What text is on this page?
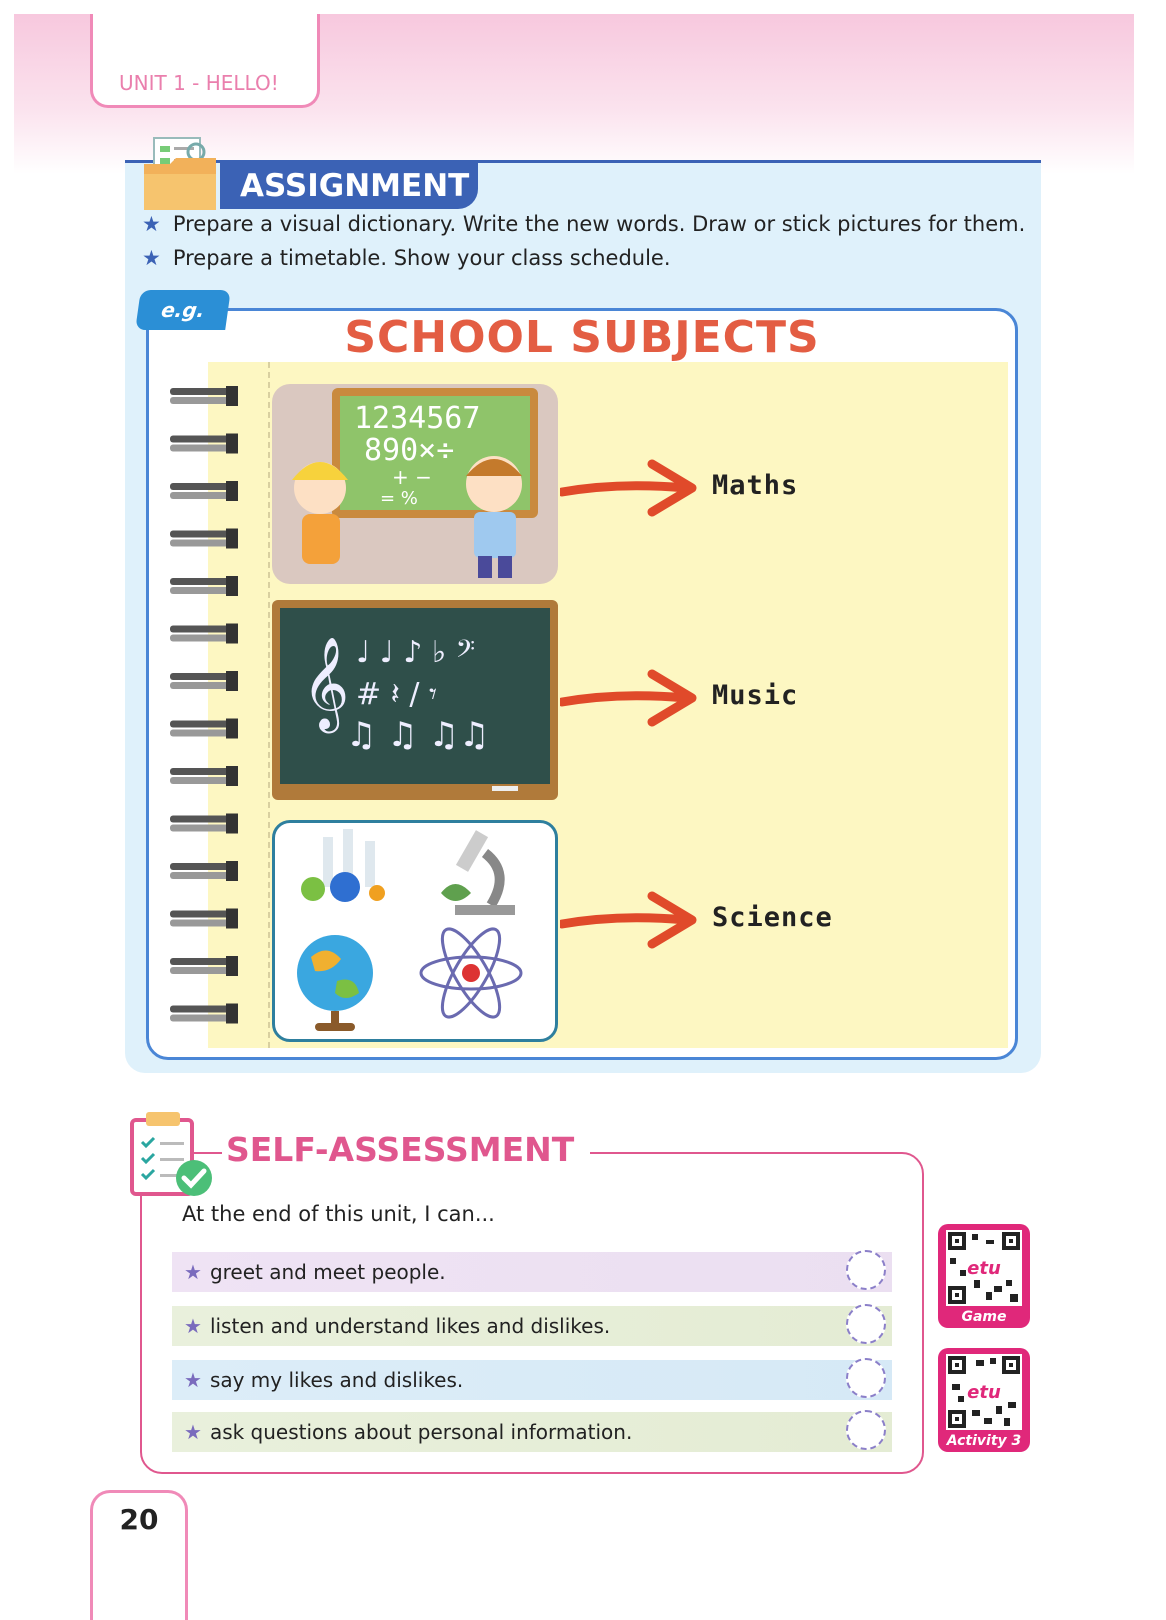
UNIT 1 - HELLO!
ASSIGNMENT
★ Prepare a visual dictionary. Write the new words. Draw or stick pictures for them.
★ Prepare a timetable. Show your class schedule.
e.g.
SCHOOL SUBJECTS
1234567
890×÷
+ −
= %
𝄞 ♩ ♩ ♪ ♭ 𝄢
# 𝄽 / 𝄾
♫ ♫ ♫♫
Maths
Music
Science
SELF-ASSESSMENT
At the end of this unit, I can...
★ greet and meet people.
★ listen and understand likes and dislikes.
★ say my likes and dislikes.
★ ask questions about personal information.
etu
Game
etu
Activity 3
20
